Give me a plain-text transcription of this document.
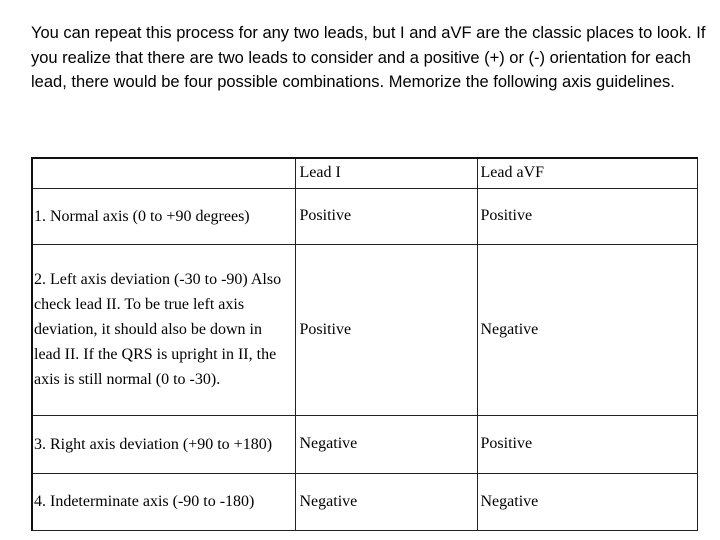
You can repeat this process for any two leads, but I and aVF are the classic places to look. If you realize that there are two leads to consider and a positive (+) or (-) orientation for each lead, there would be four possible combinations. Memorize the following axis guidelines.

	Lead I	Lead aVF
1. Normal axis (0 to +90 degrees)	Positive	Positive
2. Left axis deviation (-30 to -90) Also check lead II. To be true left axis deviation, it should also be down in lead II. If the QRS is upright in II, the axis is still normal (0 to -30).	Positive	Negative
3. Right axis deviation (+90 to +180)	Negative	Positive
4. Indeterminate axis (-90 to -180)	Negative	Negative
